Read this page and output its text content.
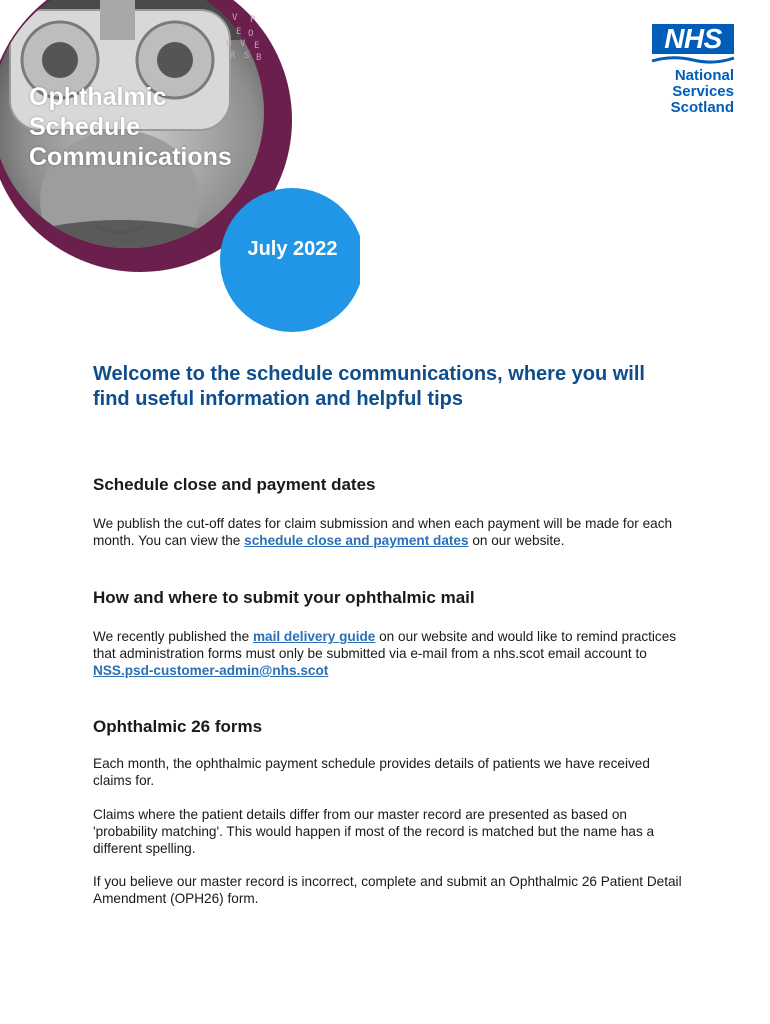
V P
E O
O V E
R S B
Ophthalmic
Schedule
Communications
July 2022
NHS
National
Services
Scotland
Welcome to the schedule communications, where you will find useful information and helpful tips
Schedule close and payment dates

We publish the cut-off dates for claim submission and when each payment will be made for each month. You can view the schedule close and payment dates on our website.

How and where to submit your ophthalmic mail

We recently published the mail delivery guide on our website and would like to remind practices that administration forms must only be submitted via e-mail from a nhs.scot email account to NSS.psd-customer-admin@nhs.scot

Ophthalmic 26 forms

Each month, the ophthalmic payment schedule provides details of patients we have received claims for.

Claims where the patient details differ from our master record are presented as based on 'probability matching'. This would happen if most of the record is matched but the name has a different spelling.

If you believe our master record is incorrect, complete and submit an Ophthalmic 26 Patient Detail Amendment (OPH26) form.
